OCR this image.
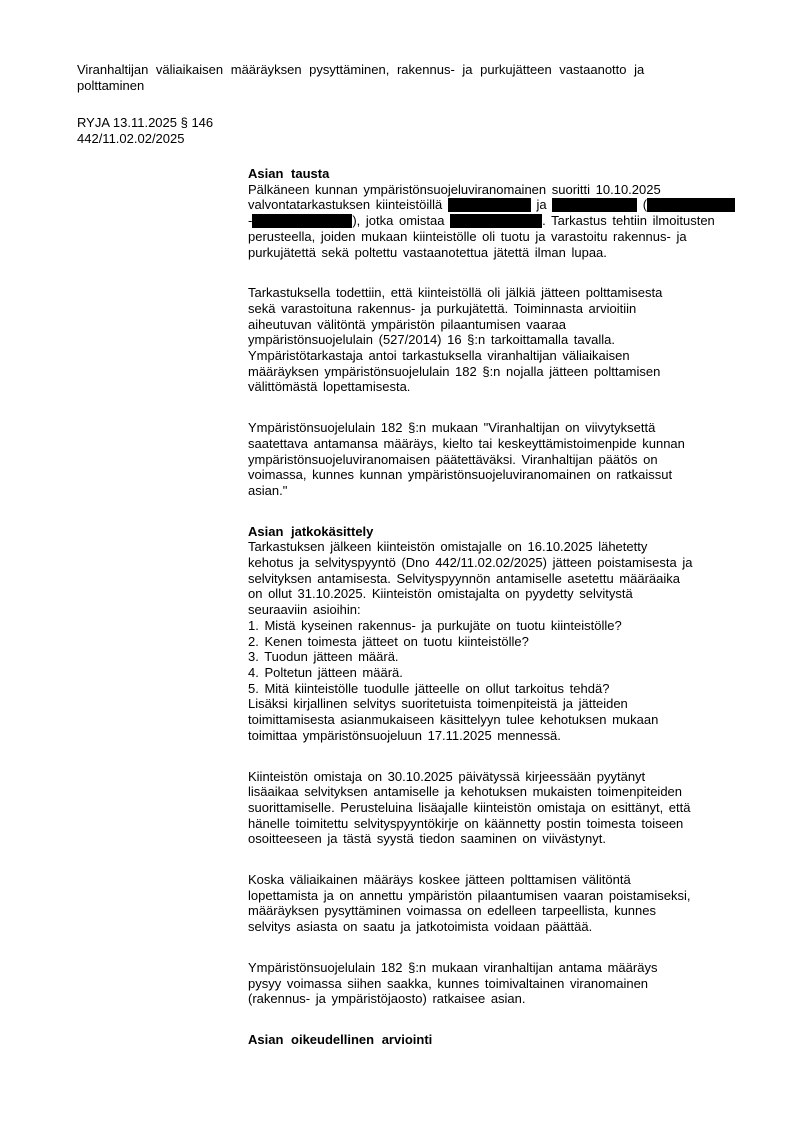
Viranhaltijan väliaikaisen määräyksen pysyttäminen, rakennus- ja purkujätteen vastaanotto ja
polttaminen
RYJA 13.11.2025 § 146
442/11.02.02/2025
Asian tausta
Pälkäneen kunnan ympäristönsuojeluviranomainen suoritti 10.10.2025
valvontatarkastuksen kiinteistöillä	ja	(
-	), jotka omistaa	. Tarkastus tehtiin ilmoitusten
perusteella, joiden mukaan kiinteistölle oli tuotu ja varastoitu rakennus- ja
purkujätettä sekä poltettu vastaanotettua jätettä ilman lupaa.
Tarkastuksella todettiin, että kiinteistöllä oli jälkiä jätteen polttamisesta
sekä varastoituna rakennus- ja purkujätettä. Toiminnasta arvioitiin
aiheutuvan välitöntä ympäristön pilaantumisen vaaraa
ympäristönsuojelulain (527/2014) 16 §:n tarkoittamalla tavalla.
Ympäristötarkastaja antoi tarkastuksella viranhaltijan väliaikaisen
määräyksen ympäristönsuojelulain 182 §:n nojalla jätteen polttamisen
välittömästä lopettamisesta.
Ympäristönsuojelulain 182 §:n mukaan "Viranhaltijan on viivytyksettä
saatettava antamansa määräys, kielto tai keskeyttämistoimenpide kunnan
ympäristönsuojeluviranomaisen päätettäväksi. Viranhaltijan päätös on
voimassa, kunnes kunnan ympäristönsuojeluviranomainen on ratkaissut
asian."
Asian jatkokäsittely
Tarkastuksen jälkeen kiinteistön omistajalle on 16.10.2025 lähetetty
kehotus ja selvityspyyntö (Dno 442/11.02.02/2025) jätteen poistamisesta ja
selvityksen antamisesta. Selvityspyynnön antamiselle asetettu määräaika
on ollut 31.10.2025. Kiinteistön omistajalta on pyydetty selvitystä
seuraaviin asioihin:
1. Mistä kyseinen rakennus- ja purkujäte on tuotu kiinteistölle?
2. Kenen toimesta jätteet on tuotu kiinteistölle?
3. Tuodun jätteen määrä.
4. Poltetun jätteen määrä.
5. Mitä kiinteistölle tuodulle jätteelle on ollut tarkoitus tehdä?
Lisäksi kirjallinen selvitys suoritetuista toimenpiteistä ja jätteiden
toimittamisesta asianmukaiseen käsittelyyn tulee kehotuksen mukaan
toimittaa ympäristönsuojeluun 17.11.2025 mennessä.
Kiinteistön omistaja on 30.10.2025 päivätyssä kirjeessään pyytänyt
lisäaikaa selvityksen antamiselle ja kehotuksen mukaisten toimenpiteiden
suorittamiselle. Perusteluina lisäajalle kiinteistön omistaja on esittänyt, että
hänelle toimitettu selvityspyyntökirje on käännetty postin toimesta toiseen
osoitteeseen ja tästä syystä tiedon saaminen on viivästynyt.
Koska väliaikainen määräys koskee jätteen polttamisen välitöntä
lopettamista ja on annettu ympäristön pilaantumisen vaaran poistamiseksi,
määräyksen pysyttäminen voimassa on edelleen tarpeellista, kunnes
selvitys asiasta on saatu ja jatkotoimista voidaan päättää.
Ympäristönsuojelulain 182 §:n mukaan viranhaltijan antama määräys
pysyy voimassa siihen saakka, kunnes toimivaltainen viranomainen
(rakennus- ja ympäristöjaosto) ratkaisee asian.
Asian oikeudellinen arviointi
